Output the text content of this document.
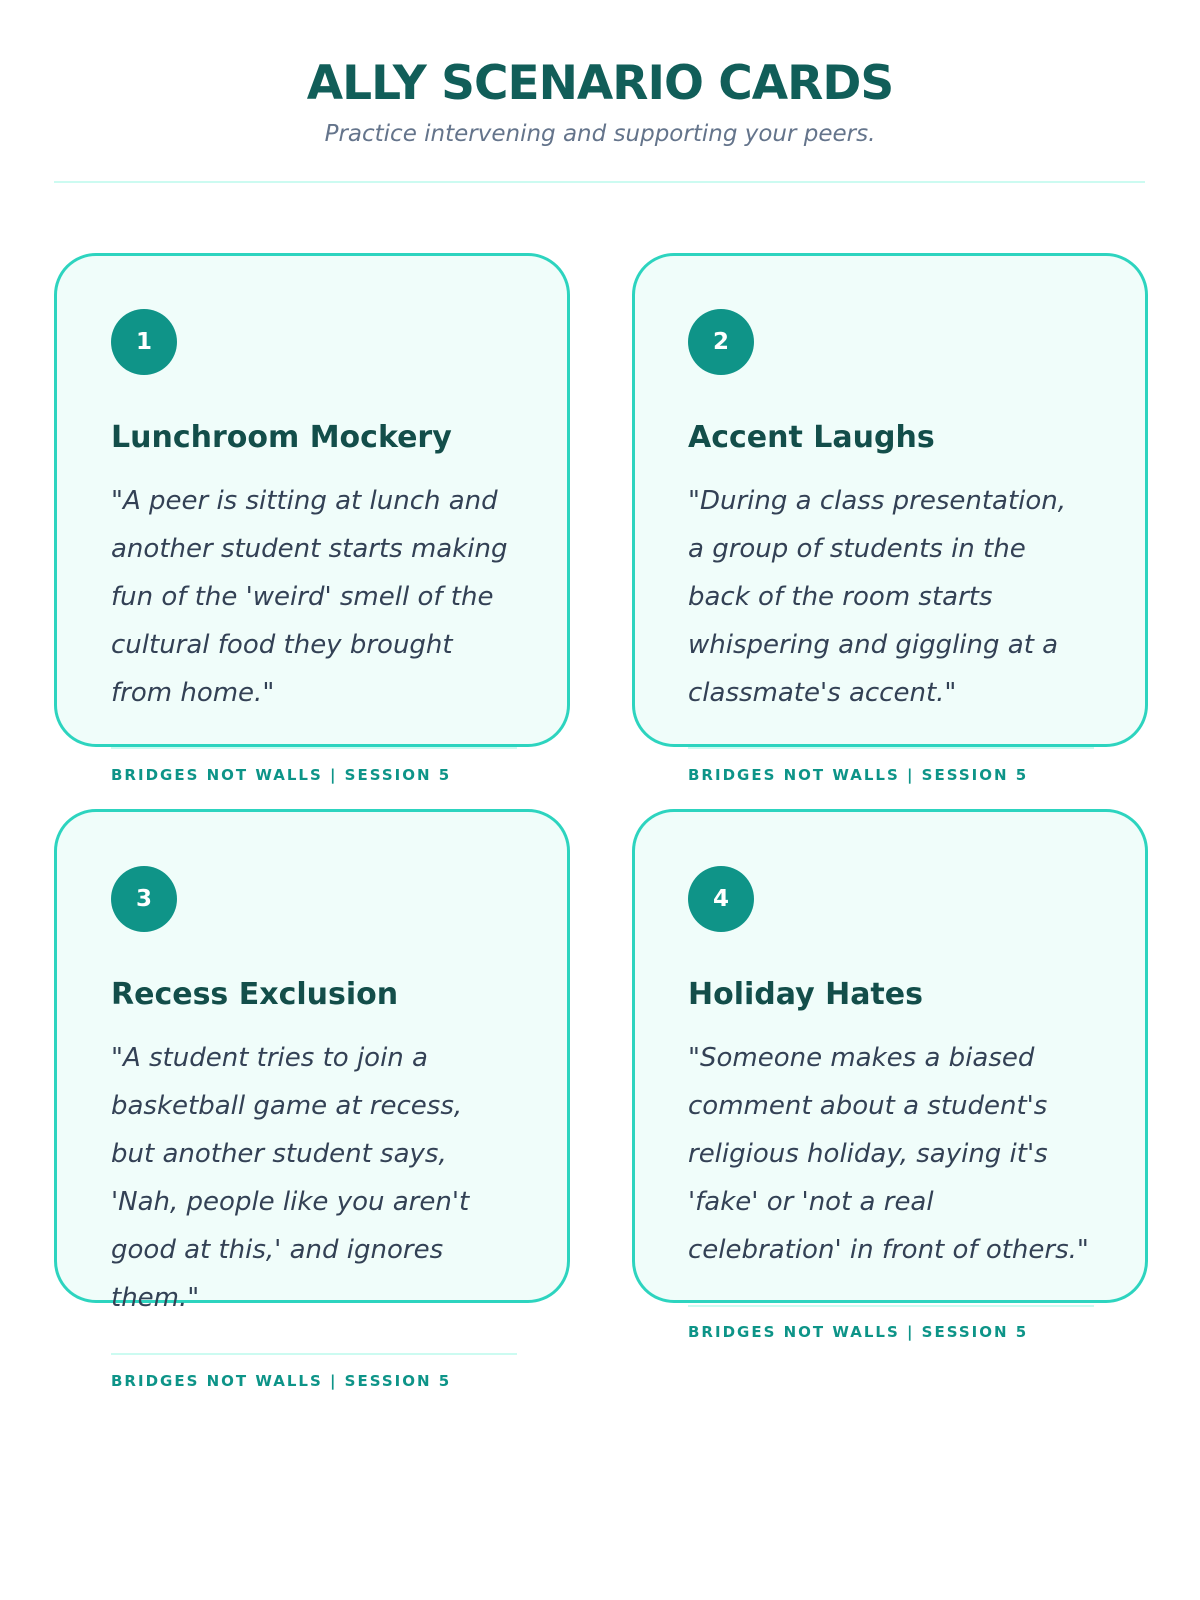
ALLY SCENARIO CARDS
Practice intervening and supporting your peers.
1
Lunchroom Mockery
"A peer is sitting at lunch and
another student starts making
fun of the 'weird' smell of the
cultural food they brought
from home."
BRIDGES NOT WALLS | SESSION 5
2
Accent Laughs
"During a class presentation,
a group of students in the
back of the room starts
whispering and giggling at a
classmate's accent."
BRIDGES NOT WALLS | SESSION 5
3
Recess Exclusion
"A student tries to join a
basketball game at recess,
but another student says,
'Nah, people like you aren't
good at this,' and ignores
them."
BRIDGES NOT WALLS | SESSION 5
4
Holiday Hates
"Someone makes a biased
comment about a student's
religious holiday, saying it's
'fake' or 'not a real
celebration' in front of others."
BRIDGES NOT WALLS | SESSION 5
